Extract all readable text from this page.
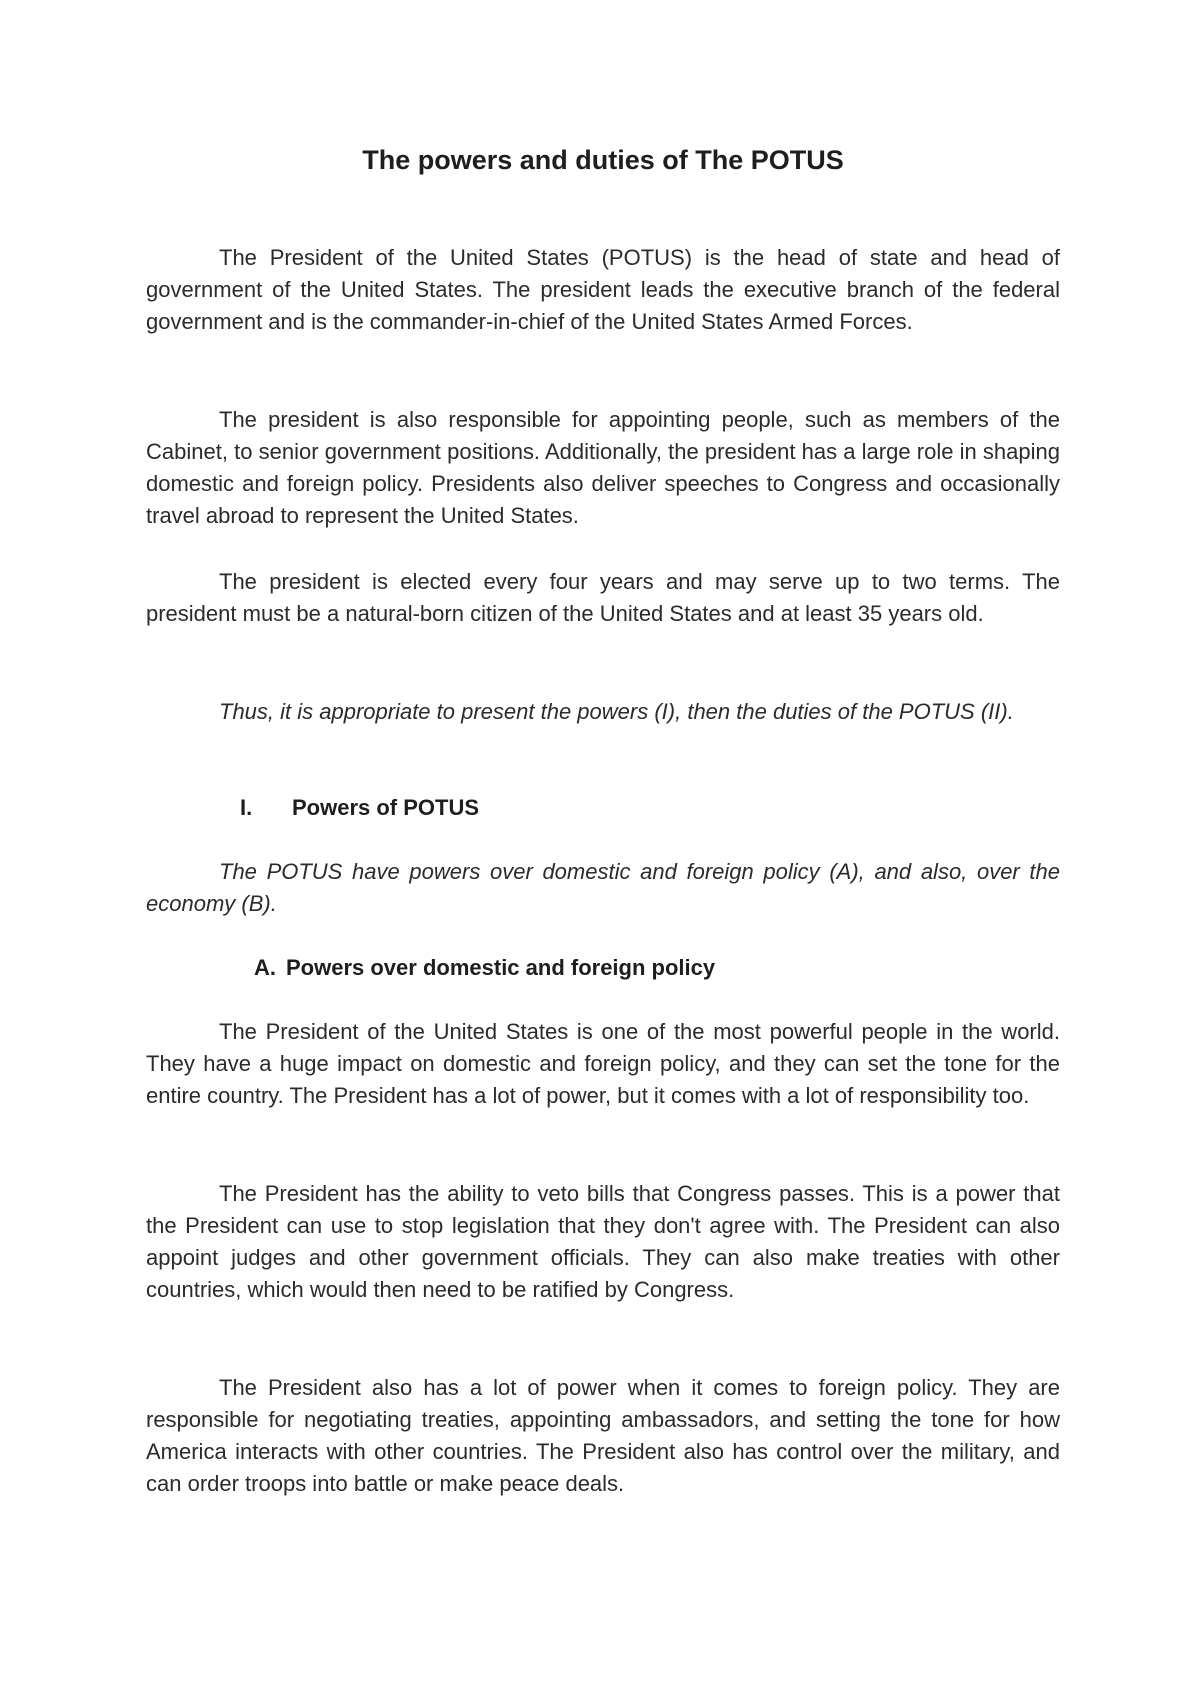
The powers and duties of The POTUS

The President of the United States (POTUS) is the head of state and head of government of the United States. The president leads the executive branch of the federal government and is the commander-in-chief of the United States Armed Forces.

The president is also responsible for appointing people, such as members of the Cabinet, to senior government positions. Additionally, the president has a large role in shaping domestic and foreign policy. Presidents also deliver speeches to Congress and occasionally travel abroad to represent the United States.

The president is elected every four years and may serve up to two terms. The president must be a natural-born citizen of the United States and at least 35 years old.

Thus, it is appropriate to present the powers (I), then the duties of the POTUS (II).

I. Powers of POTUS

The POTUS have powers over domestic and foreign policy (A), and also, over the economy (B).

A. Powers over domestic and foreign policy

The President of the United States is one of the most powerful people in the world. They have a huge impact on domestic and foreign policy, and they can set the tone for the entire country. The President has a lot of power, but it comes with a lot of responsibility too.

The President has the ability to veto bills that Congress passes. This is a power that the President can use to stop legislation that they don't agree with. The President can also appoint judges and other government officials. They can also make treaties with other countries, which would then need to be ratified by Congress.

The President also has a lot of power when it comes to foreign policy. They are responsible for negotiating treaties, appointing ambassadors, and setting the tone for how America interacts with other countries. The President also has control over the military, and can order troops into battle or make peace deals.
